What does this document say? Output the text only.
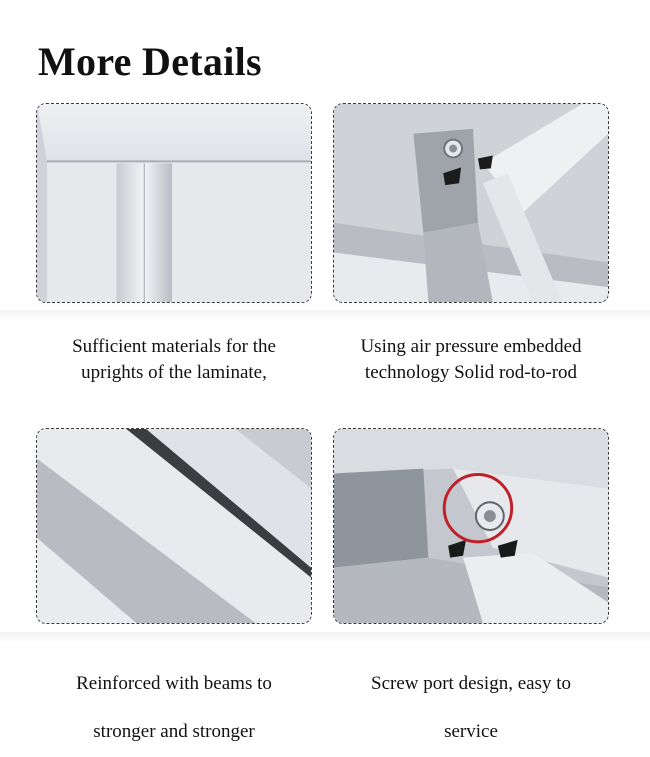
More Details
Sufficient materials for the
uprights of the laminate,
Using air pressure embedded
technology Solid rod-to-rod
Reinforced with beams to
stronger and stronger
Screw port design, easy to
service
